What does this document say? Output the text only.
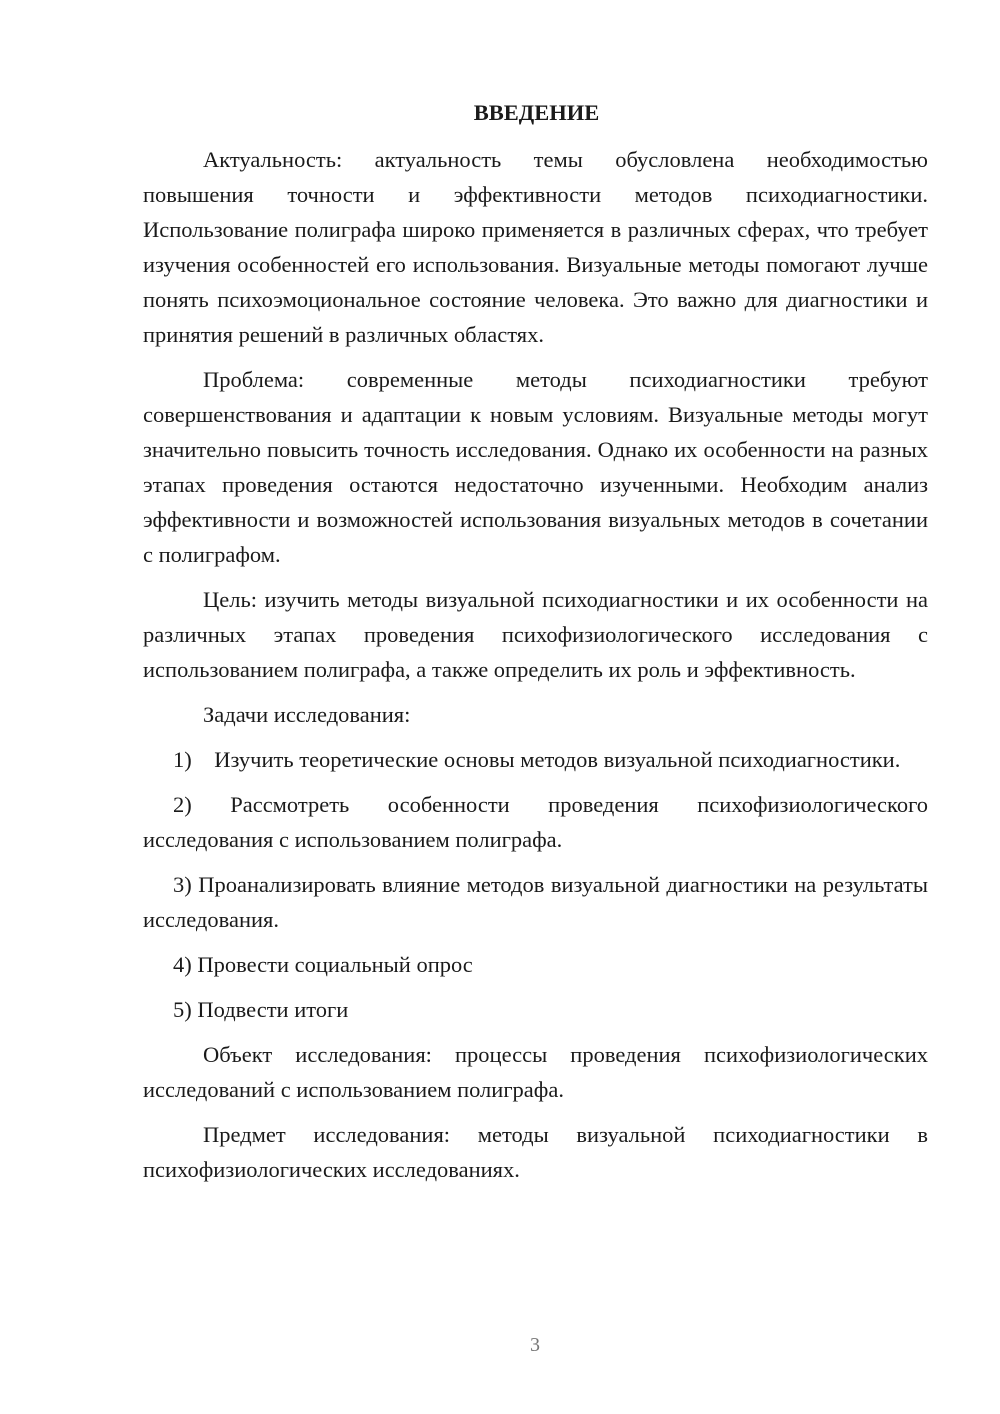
ВВЕДЕНИЕ

Актуальность: актуальность темы обусловлена необходимостью повышения точности и эффективности методов психодиагностики. Использование полиграфа широко применяется в различных сферах, что требует изучения особенностей его использования. Визуальные методы помогают лучше понять психоэмоциональное состояние человека. Это важно для диагностики и принятия решений в различных областях.

Проблема: современные методы психодиагностики требуют совершенствования и адаптации к новым условиям. Визуальные методы могут значительно повысить точность исследования. Однако их особенности на разных этапах проведения остаются недостаточно изученными. Необходим анализ эффективности и возможностей использования визуальных методов в сочетании с полиграфом.

Цель: изучить методы визуальной психодиагностики и их особенности на различных этапах проведения психофизиологического исследования с использованием полиграфа, а также определить их роль и эффективность.

Задачи исследования:

1)    Изучить теоретические основы методов визуальной психодиагностики.

2) Рассмотреть особенности проведения психофизиологического исследования с использованием полиграфа.

3) Проанализировать влияние методов визуальной диагностики на результаты исследования.

4) Провести социальный опрос

5) Подвести итоги

Объект исследования: процессы проведения психофизиологических исследований с использованием полиграфа.

Предмет исследования: методы визуальной психодиагностики в психофизиологических исследованиях.

3
